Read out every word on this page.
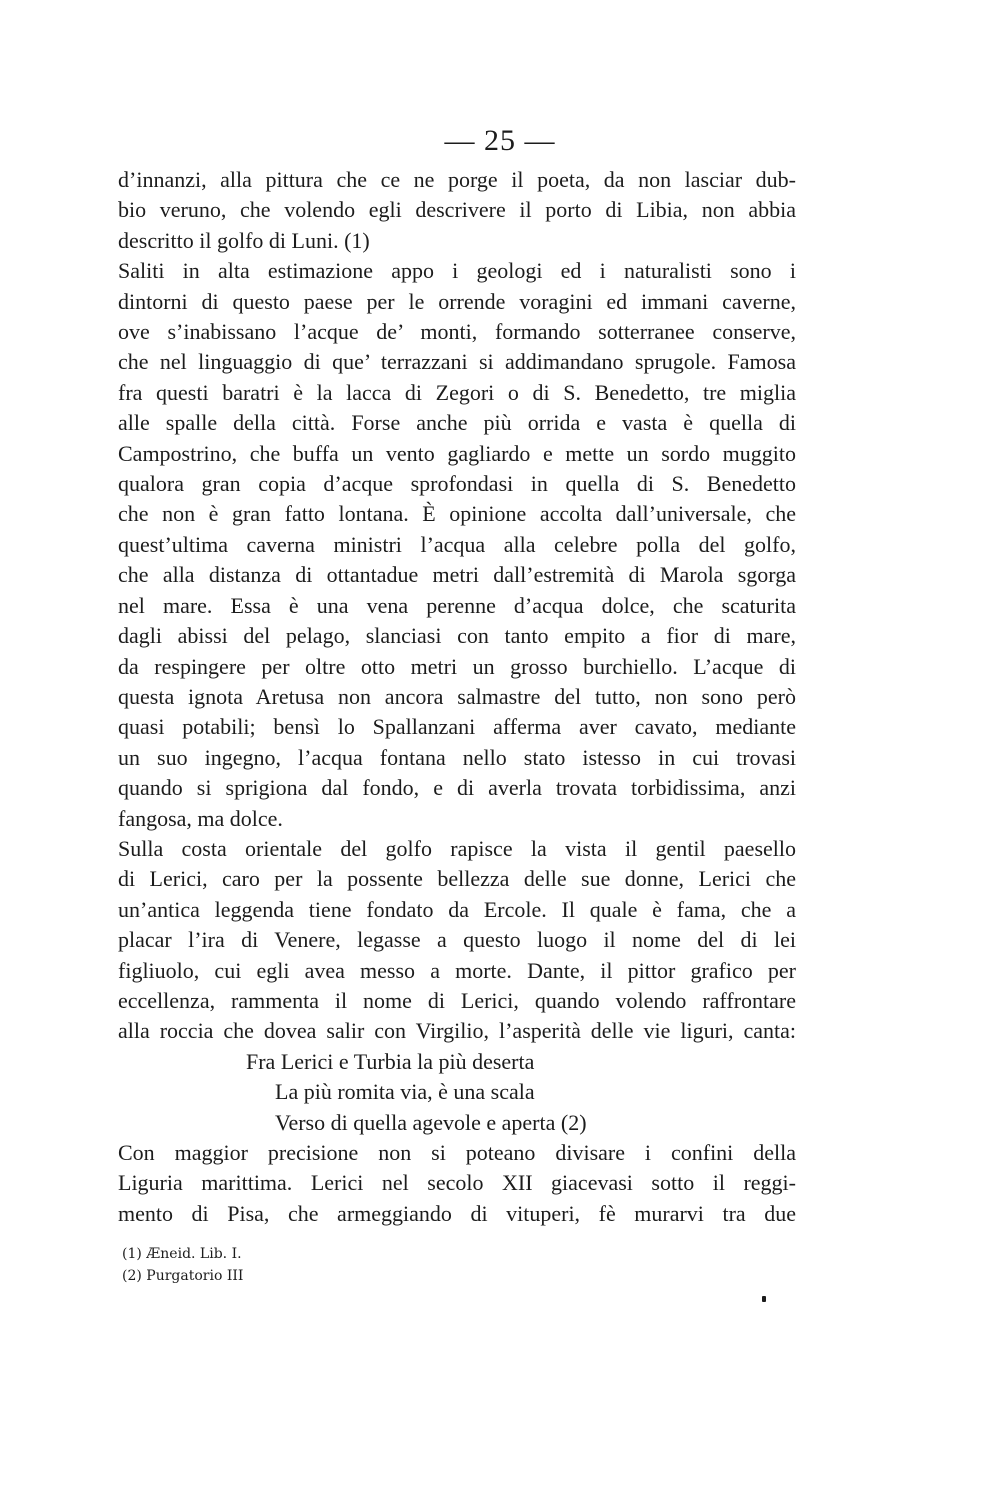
— 25 —
d’innanzi, alla pittura che ce ne porge il poeta, da non lasciar dub-
bio veruno, che volendo egli descrivere il porto di Libia, non abbia
descritto il golfo di Luni. (1)
Saliti in alta estimazione appo i geologi ed i naturalisti sono i
dintorni di questo paese per le orrende voragini ed immani caverne,
ove s’inabissano l’acque de’ monti, formando sotterranee conserve,
che nel linguaggio di que’ terrazzani si addimandano sprugole. Famosa
fra questi baratri è la lacca di Zegori o di S. Benedetto, tre miglia
alle spalle della città. Forse anche più orrida e vasta è quella di
Campostrino, che buffa un vento gagliardo e mette un sordo muggito
qualora gran copia d’acque sprofondasi in quella di S. Benedetto
che non è gran fatto lontana. È opinione accolta dall’universale, che
quest’ultima caverna ministri l’acqua alla celebre polla del golfo,
che alla distanza di ottantadue metri dall’estremità di Marola sgorga
nel mare. Essa è una vena perenne d’acqua dolce, che scaturita
dagli abissi del pelago, slanciasi con tanto empito a fior di mare,
da respingere per oltre otto metri un grosso burchiello. L’acque di
questa ignota Aretusa non ancora salmastre del tutto, non sono però
quasi potabili; bensì lo Spallanzani afferma aver cavato, mediante
un suo ingegno, l’acqua fontana nello stato istesso in cui trovasi
quando si sprigiona dal fondo, e di averla trovata torbidissima, anzi
fangosa, ma dolce.
Sulla costa orientale del golfo rapisce la vista il gentil paesello
di Lerici, caro per la possente bellezza delle sue donne, Lerici che
un’antica leggenda tiene fondato da Ercole. Il quale è fama, che a
placar l’ira di Venere, legasse a questo luogo il nome del di lei
figliuolo, cui egli avea messo a morte. Dante, il pittor grafico per
eccellenza, rammenta il nome di Lerici, quando volendo raffrontare
alla roccia che dovea salir con Virgilio, l’asperità delle vie liguri, canta:
Fra Lerici e Turbia la più deserta
La più romita via, è una scala
Verso di quella agevole e aperta (2)
Con maggior precisione non si poteano divisare i confini della
Liguria marittima. Lerici nel secolo XII giacevasi sotto il reggi-
mento di Pisa, che armeggiando di vituperi, fè murarvi tra due
(1) Æneid. Lib. I.
(2) Purgatorio III
